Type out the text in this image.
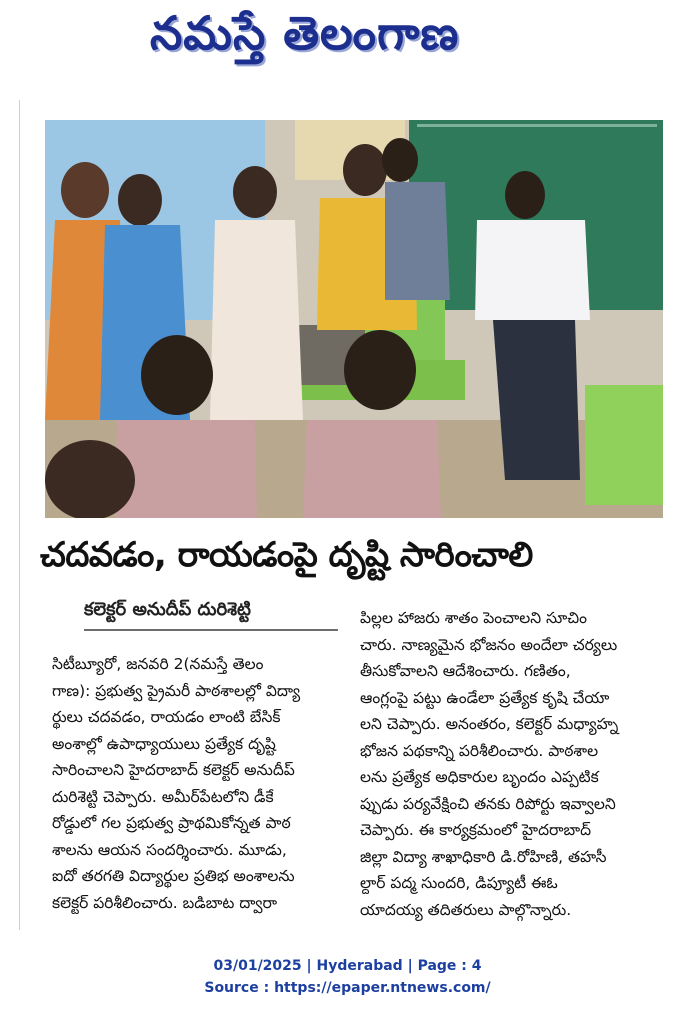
నమస్తే తెలంగాణ
చదవడం, రాయడంపై దృష్టి సారించాలి
కలెక్టర్ అనుదీప్ దురిశెట్టి

సిటీబ్యూరో, జనవరి 2(నమస్తే తెలం

గాణ): ప్రభుత్వ ప్రైమరీ పాఠశాలల్లో విద్యా

ర్థులు చదవడం, రాయడం లాంటి బేసిక్

అంశాల్లో ఉపాధ్యాయులు ప్రత్యేక దృష్టి

సారించాలని హైదరాబాద్ కలెక్టర్ అనుదీప్

దురిశెట్టి చెప్పారు. అమీర్‌పేటలోని డీకే

రోడ్డులో గల ప్రభుత్వ ప్రాథమికోన్నత పాఠ

శాలను ఆయన సందర్శించారు. మూడు,

ఐదో తరగతి విద్యార్థుల ప్రతిభ అంశాలను

కలెక్టర్ పరిశీలించారు. బడిబాట ద్వారా

పిల్లల హాజరు శాతం పెంచాలని సూచిం

చారు. నాణ్యమైన భోజనం అందేలా చర్యలు

తీసుకోవాలని ఆదేశించారు. గణితం,

ఆంగ్లంపై పట్టు ఉండేలా ప్రత్యేక కృషి చేయా

లని చెప్పారు. అనంతరం, కలెక్టర్ మధ్యాహ్న

భోజన పథకాన్ని పరిశీలించారు. పాఠశాల

లను ప్రత్యేక అధికారుల బృందం ఎప్పటిక

ప్పుడు పర్యవేక్షించి తనకు రిపోర్టు ఇవ్వాలని

చెప్పారు. ఈ కార్యక్రమంలో హైదరాబాద్

జిల్లా విద్యా శాఖాధికారి డి.రోహిణి, తహసీ

ల్దార్ పద్మ సుందరి, డిప్యూటీ ఈఓ

యాదయ్య తదితరులు పాల్గొన్నారు.

03/01/2025 | Hyderabad | Page : 4

Source : https://epaper.ntnews.com/
